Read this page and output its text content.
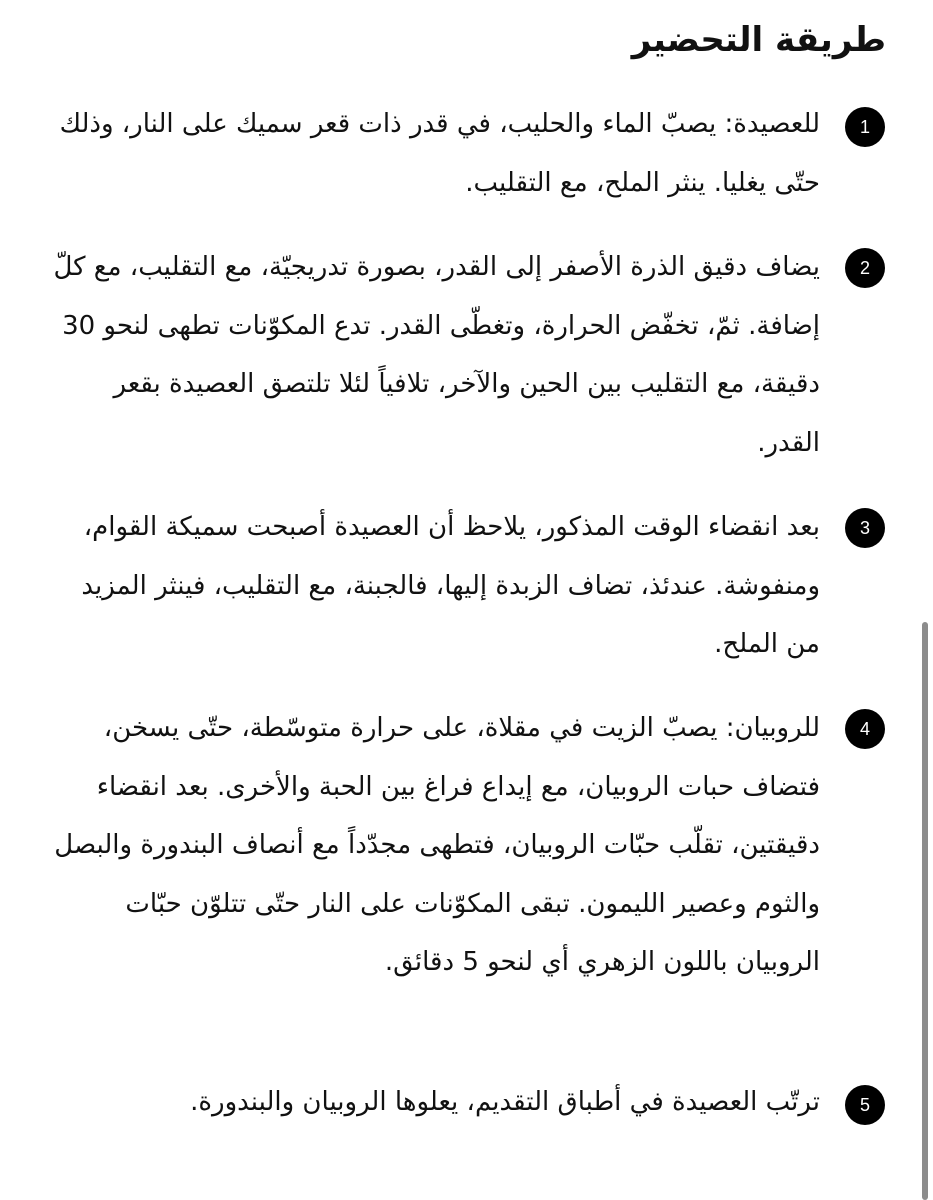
طريقة التحضير
1

للعصيدة: يصبّ الماء والحليب، في قدر ذات قعر سميك على النار، وذلك حتّى يغليا. ينثر الملح، مع التقليب.

2

يضاف دقيق الذرة الأصفر إلى القدر، بصورة تدريجيّة، مع التقليب، مع كلّ إضافة. ثمّ، تخفّض الحرارة، وتغطّى القدر. تدع المكوّنات تطهى لنحو 30 دقيقة، مع التقليب بين الحين والآخر، تلافياً لئلا تلتصق العصيدة بقعر القدر.

3

بعد انقضاء الوقت المذكور، يلاحظ أن العصيدة أصبحت سميكة القوام، ومنفوشة. عندئذ، تضاف الزبدة إليها، فالجبنة، مع التقليب، فينثر المزيد من الملح.

4

للروبيان: يصبّ الزيت في مقلاة، على حرارة متوسّطة، حتّى يسخن، فتضاف حبات الروبيان، مع إيداع فراغ بين الحبة والأخرى. بعد انقضاء دقيقتين، تقلّب حبّات الروبيان، فتطهى مجدّداً مع أنصاف البندورة والبصل والثوم وعصير الليمون. تبقى المكوّنات على النار حتّى تتلوّن حبّات الروبيان باللون الزهري أي لنحو 5 دقائق.

5

ترتّب العصيدة في أطباق التقديم، يعلوها الروبيان والبندورة.
